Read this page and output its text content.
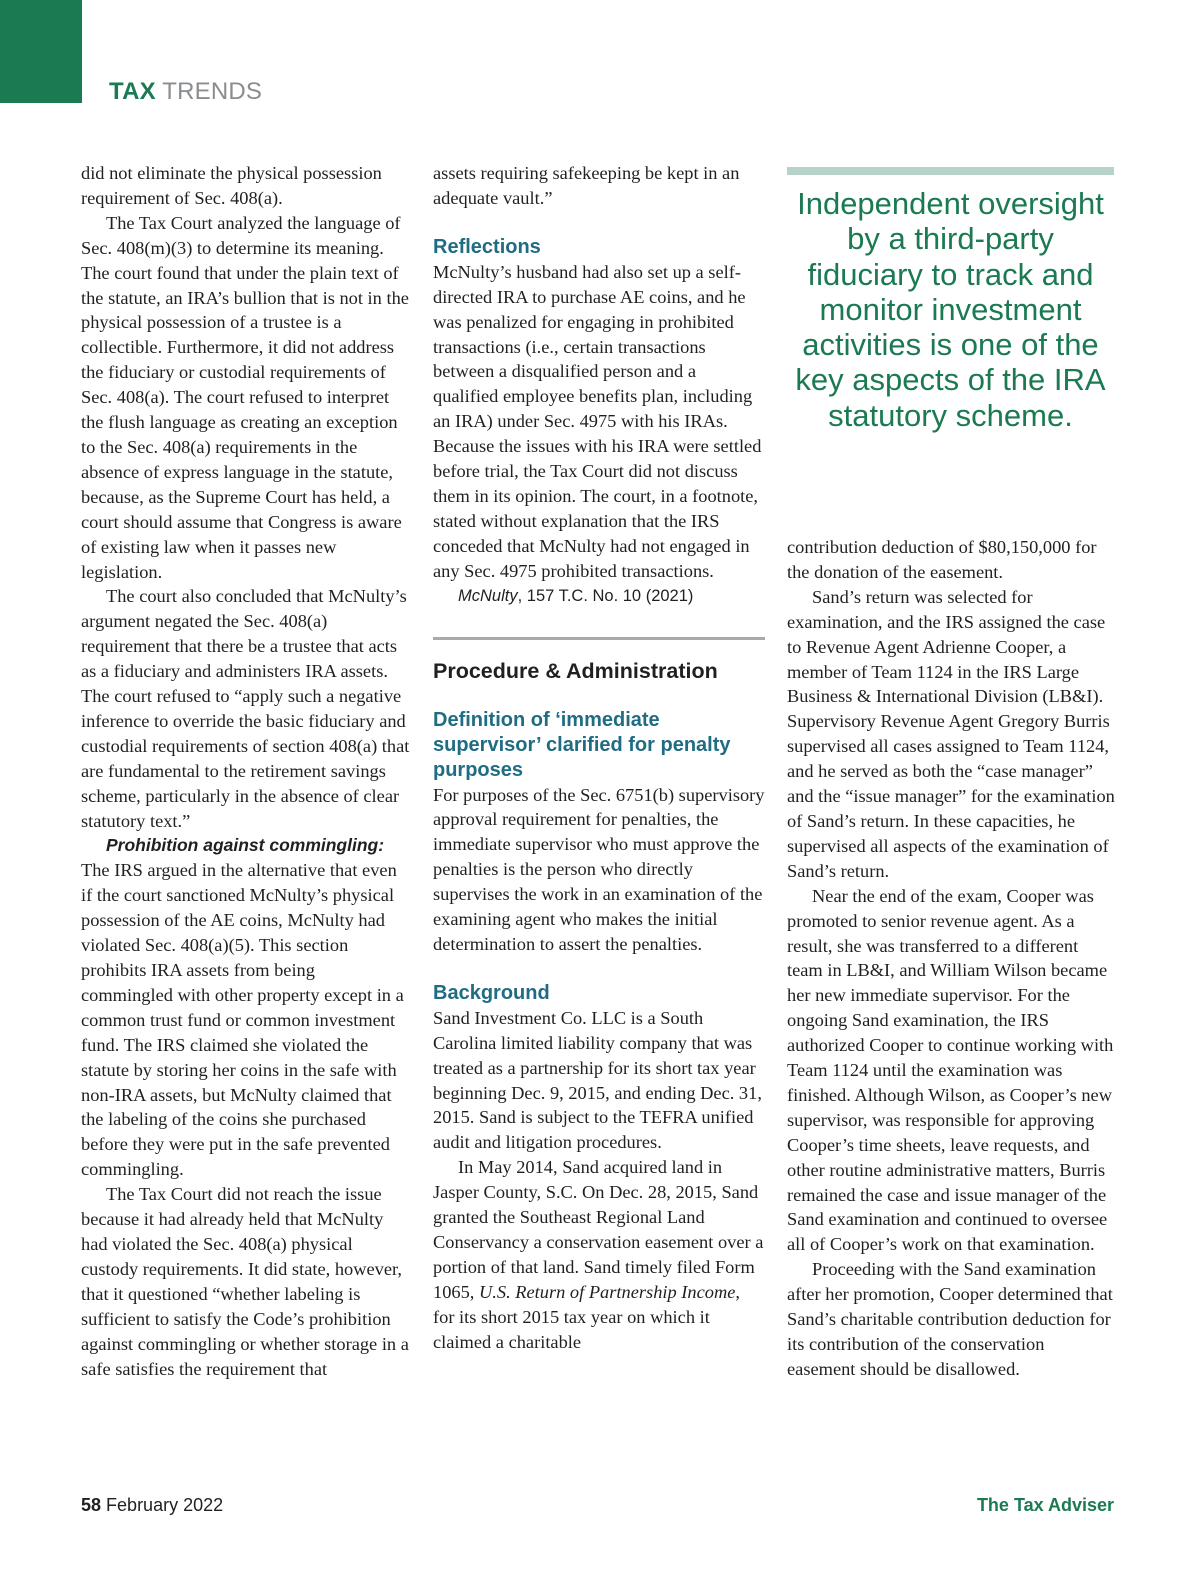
TAX TRENDS

did not eliminate the physical possession requirement of Sec. 408(a).

The Tax Court analyzed the language of Sec. 408(m)(3) to determine its meaning. The court found that under the plain text of the statute, an IRA’s bullion that is not in the physical possession of a trustee is a collectible. Furthermore, it did not address the fiduciary or custodial requirements of Sec. 408(a). The court refused to interpret the flush language as creating an exception to the Sec. 408(a) requirements in the absence of express language in the statute, because, as the Supreme Court has held, a court should assume that Congress is aware of existing law when it passes new legislation.

The court also concluded that McNulty’s argument negated the Sec. 408(a) requirement that there be a trustee that acts as a fiduciary and administers IRA assets. The court refused to “apply such a negative inference to override the basic fiduciary and custodial requirements of section 408(a) that are fundamental to the retirement savings scheme, particularly in the absence of clear statutory text.”

Prohibition against commingling: The IRS argued in the alternative that even if the court sanctioned McNulty’s physical possession of the AE coins, McNulty had violated Sec. 408(a)(5). This section prohibits IRA assets from being commingled with other property except in a common trust fund or common investment fund. The IRS claimed she violated the statute by storing her coins in the safe with non-IRA assets, but McNulty claimed that the labeling of the coins she purchased before they were put in the safe prevented commingling.

The Tax Court did not reach the issue because it had already held that McNulty had violated the Sec. 408(a) physical custody requirements. It did state, however, that it questioned “whether labeling is sufficient to satisfy the Code’s prohibition against commingling or whether storage in a safe satisfies the requirement that

assets requiring safekeeping be kept in an adequate vault.”

Reflections

McNulty’s husband had also set up a self-directed IRA to purchase AE coins, and he was penalized for engaging in prohibited transactions (i.e., certain transactions between a disqualified person and a qualified employee benefits plan, including an IRA) under Sec. 4975 with his IRAs. Because the issues with his IRA were settled before trial, the Tax Court did not discuss them in its opinion. The court, in a footnote, stated without explanation that the IRS conceded that McNulty had not engaged in any Sec. 4975 prohibited transactions.

McNulty, 157 T.C. No. 10 (2021)

Procedure & Administration
Definition of ‘immediate supervisor’ clarified for penalty purposes

For purposes of the Sec. 6751(b) supervisory approval requirement for penalties, the immediate supervisor who must approve the penalties is the person who directly supervises the work in an examination of the examining agent who makes the initial determination to assert the penalties.

Background

Sand Investment Co. LLC is a South Carolina limited liability company that was treated as a partnership for its short tax year beginning Dec. 9, 2015, and ending Dec. 31, 2015. Sand is subject to the TEFRA unified audit and litigation procedures.

In May 2014, Sand acquired land in Jasper County, S.C. On Dec. 28, 2015, Sand granted the Southeast Regional Land Conservancy a conservation easement over a portion of that land. Sand timely filed Form 1065, U.S. Return of Partnership Income, for its short 2015 tax year on which it claimed a charitable

Independent oversight by a third-party fiduciary to track and monitor investment activities is one of the key aspects of the IRA statutory scheme.

contribution deduction of $80,150,000 for the donation of the easement.

Sand’s return was selected for examination, and the IRS assigned the case to Revenue Agent Adrienne Cooper, a member of Team 1124 in the IRS Large Business & International Division (LB&I). Supervisory Revenue Agent Gregory Burris supervised all cases assigned to Team 1124, and he served as both the “case manager” and the “issue manager” for the examination of Sand’s return. In these capacities, he supervised all aspects of the examination of Sand’s return.

Near the end of the exam, Cooper was promoted to senior revenue agent. As a result, she was transferred to a different team in LB&I, and William Wilson became her new immediate supervisor. For the ongoing Sand examination, the IRS authorized Cooper to continue working with Team 1124 until the examination was finished. Although Wilson, as Cooper’s new supervisor, was responsible for approving Cooper’s time sheets, leave requests, and other routine administrative matters, Burris remained the case and issue manager of the Sand examination and continued to oversee all of Cooper’s work on that examination.

Proceeding with the Sand examination after her promotion, Cooper determined that Sand’s charitable contribution deduction for its contribution of the conservation easement should be disallowed.

58 February 2022	The Tax Adviser
